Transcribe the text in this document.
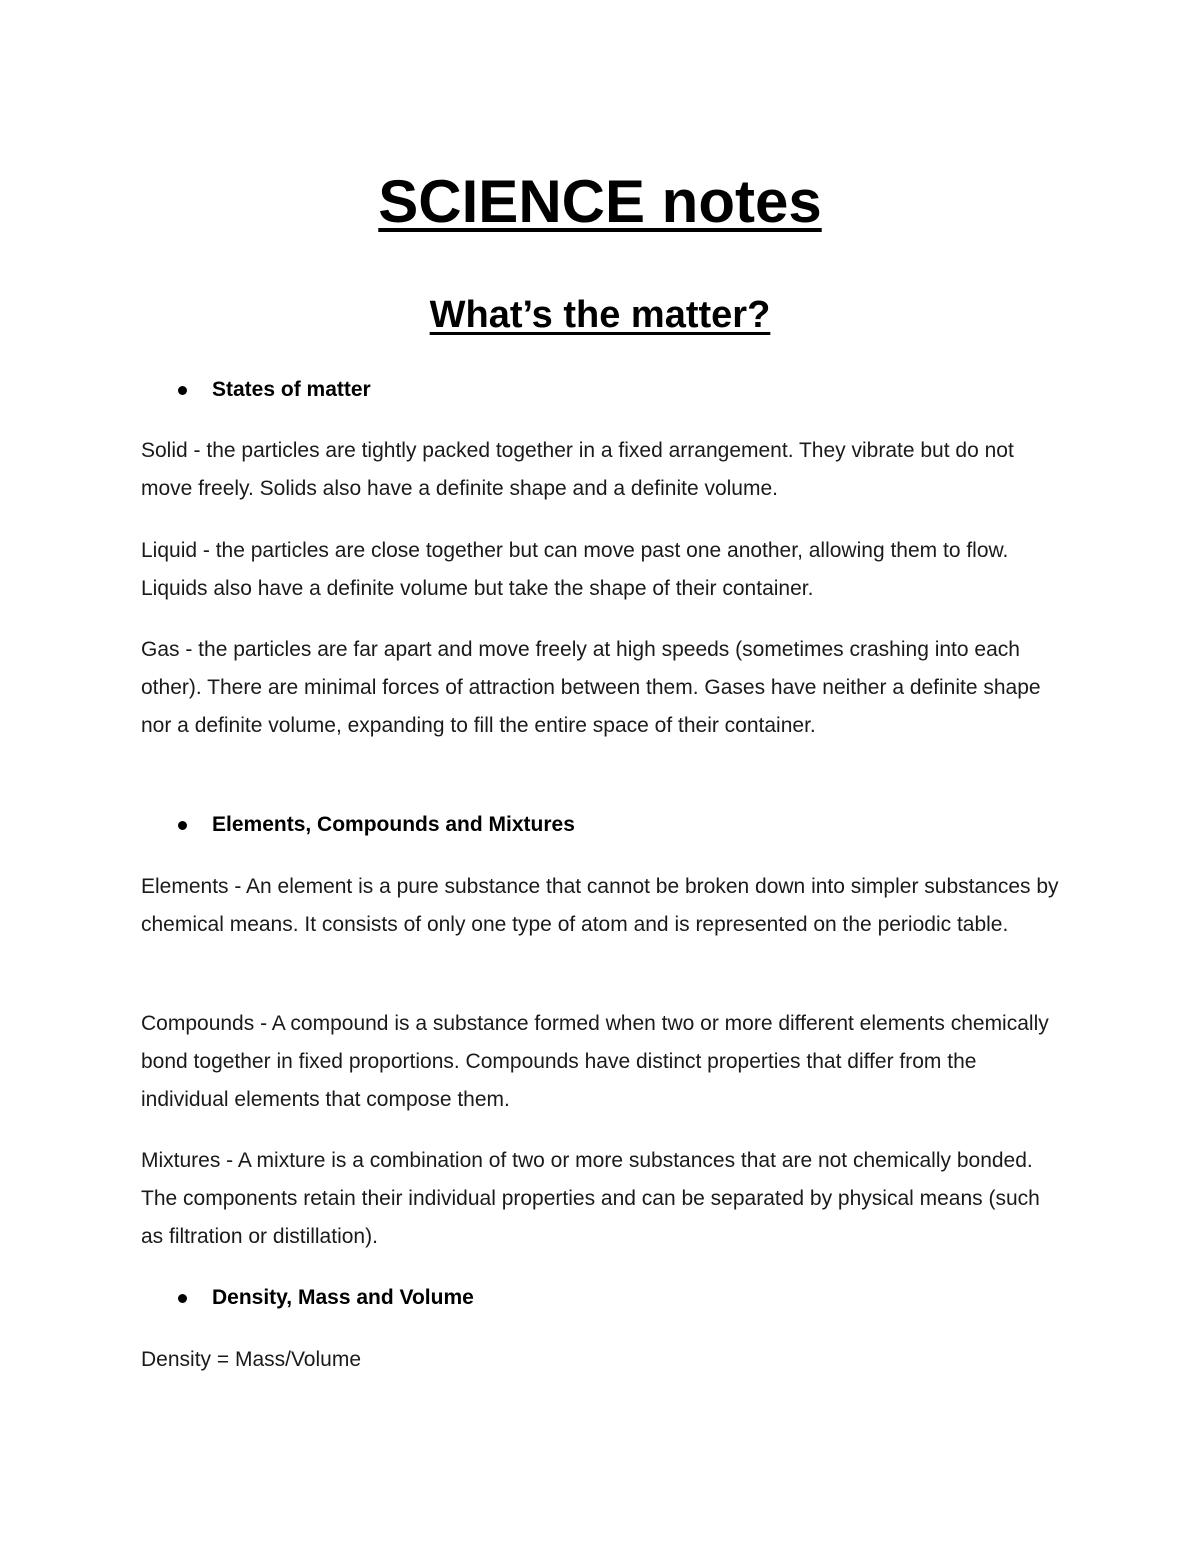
SCIENCE notes
What’s the matter?
States of matter
Solid - the particles are tightly packed together in a fixed arrangement. They vibrate but do not move freely. Solids also have a definite shape and a definite volume.
Liquid - the particles are close together but can move past one another, allowing them to flow. Liquids also have a definite volume but take the shape of their container.
Gas - the particles are far apart and move freely at high speeds (sometimes crashing into each other). There are minimal forces of attraction between them. Gases have neither a definite shape nor a definite volume, expanding to fill the entire space of their container.
Elements, Compounds and Mixtures
Elements - An element is a pure substance that cannot be broken down into simpler substances by chemical means. It consists of only one type of atom and is represented on the periodic table.
Compounds - A compound is a substance formed when two or more different elements chemically bond together in fixed proportions. Compounds have distinct properties that differ from the individual elements that compose them.
Mixtures - A mixture is a combination of two or more substances that are not chemically bonded. The components retain their individual properties and can be separated by physical means (such as filtration or distillation).
Density, Mass and Volume
Density = Mass/Volume
